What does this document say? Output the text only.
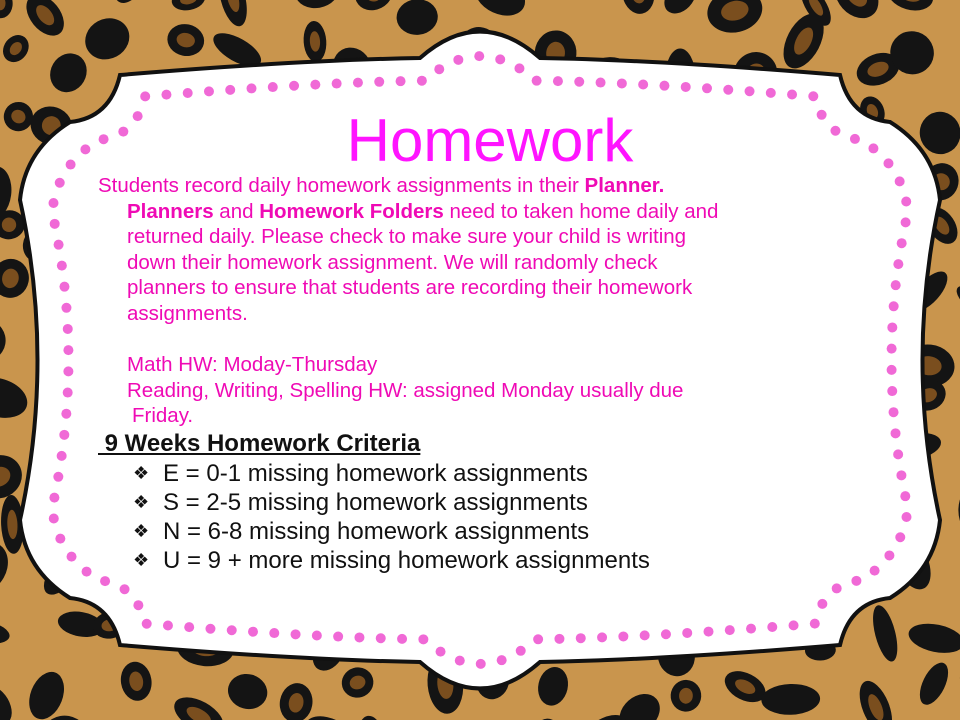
Homework

Students record daily homework assignments in their Planner.
Planners and Homework Folders need to taken home daily and
returned daily. Please check to make sure your child is writing
down their homework assignment. We will randomly check
planners to ensure that students are recording their homework
assignments.

Math HW: Moday-Thursday
Reading, Writing, Spelling HW: assigned Monday usually due
Friday.

9 Weeks Homework Criteria
❖ E = 0-1 missing homework assignments
❖ S = 2-5 missing homework assignments
❖ N = 6-8 missing homework assignments
❖ U = 9 + more missing homework assignments
